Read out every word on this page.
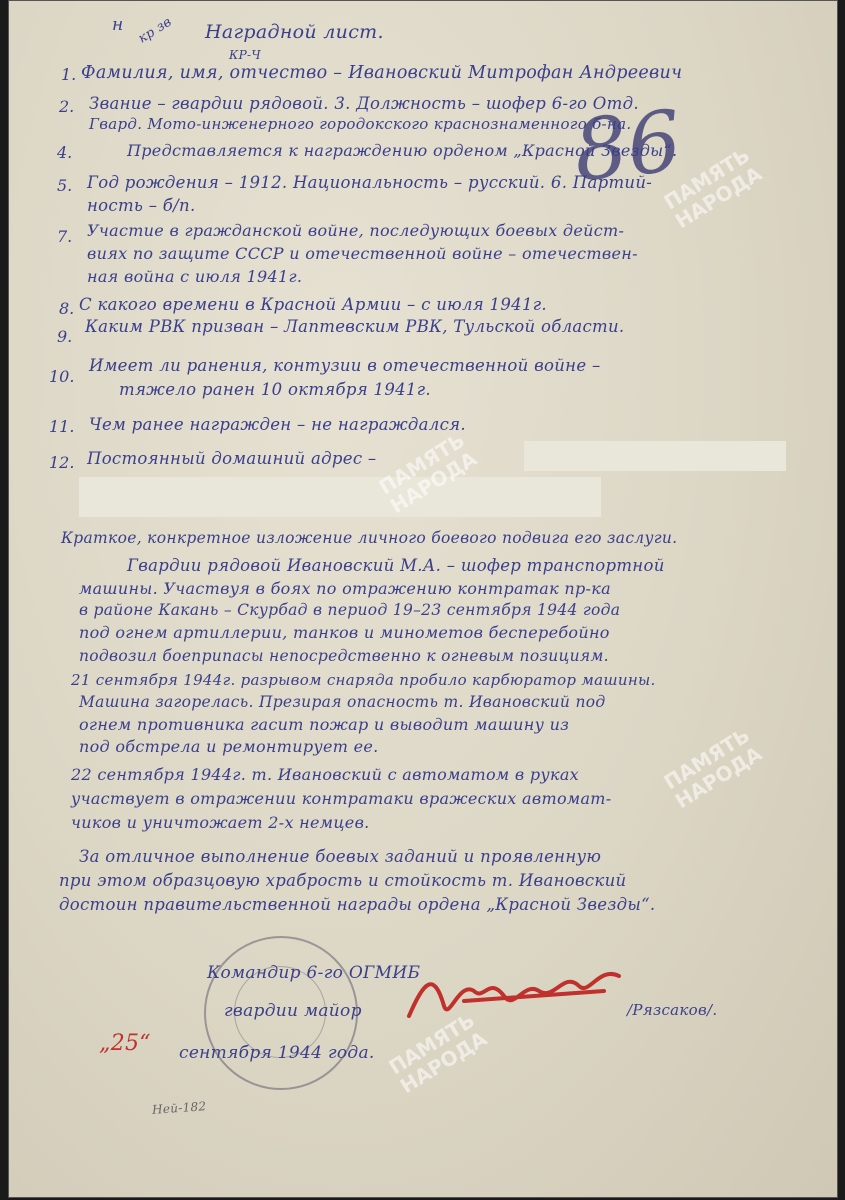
н кр зв
КР-Ч
Наградной лист.
86
1. Фамилия, имя, отчество – Ивановский Митрофан Андреевич
2. Звание – гвардии рядовой. 3. Должность – шофер 6-го Отд.
Гвард. Мото-инженерного городокского краснознаменного б-на.
4.	Представляется к награждению орденом „Красной Звезды“.
5. Год рождения – 1912. Национальность – русский. 6. Партий-
ность – б/п.
7. Участие в гражданской войне, последующих боевых дейст-
виях по защите СССР и отечественной войне – отечествен-
ная война с июля 1941г.
8. С какого времени в Красной Армии – с июля 1941г.
9.
Каким РВК призван – Лаптевским РВК, Тульской области.
10.
Имеет ли ранения, контузии в отечественной войне –
тяжело ранен 10 октября 1941г.
11. Чем ранее награжден – не награждался.
12. Постоянный домашний адрес –
Краткое, конкретное изложение личного боевого подвига его заслуги.
Гвардии рядовой Ивановский М.А. – шофер транспортной
машины. Участвуя в боях по отражению контратак пр-ка
в районе Какань – Скурбад в период 19–23 сентября 1944 года
под огнем артиллерии, танков и минометов бесперебойно
подвозил боеприпасы непосредственно к огневым позициям.
21 сентября 1944г. разрывом снаряда пробило карбюратор машины.
Машина загорелась. Презирая опасность т. Ивановский под
огнем противника гасит пожар и выводит машину из
под обстрела и ремонтирует ее.
22 сентября 1944г. т. Ивановский с автоматом в руках
участвует в отражении контратаки вражеских автомат-
чиков и уничтожает 2-х немцев.
За отличное выполнение боевых заданий и проявленную
при этом образцовую храбрость и стойкость т. Ивановский
достоин правительственной награды ордена „Красной Звезды“.
Командир 6-го ОГМИБ
гвардии майор	/Рязсаков/.
„25“ сентября 1944 года.
Ней-182
ПАМЯТЬ
НАРОДА
ПАМЯТЬ
НАРОДА
ПАМЯТЬ
НАРОДА
ПАМЯТЬ
НАРОДА
